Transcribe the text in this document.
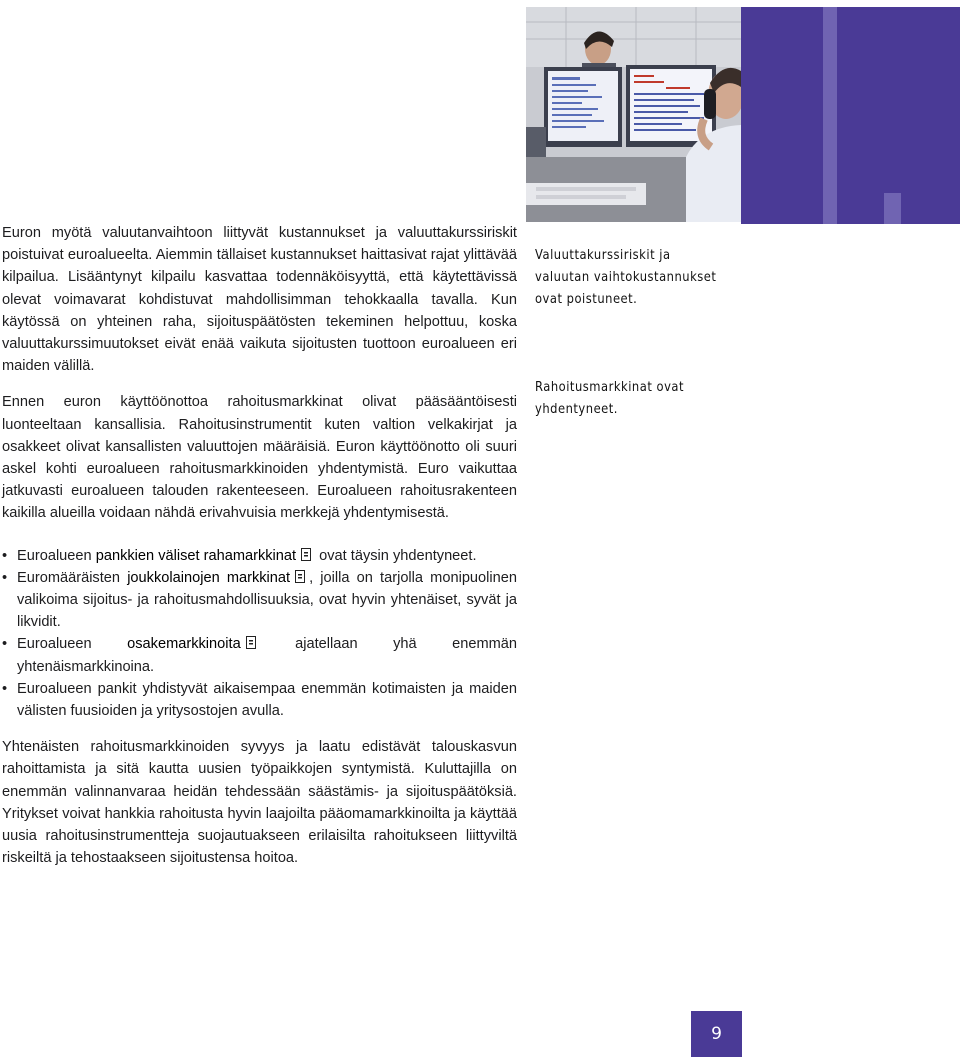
Euron myötä valuutanvaihtoon liittyvät kustannukset ja valuuttakurssiriskit poistuivat euroalueelta. Aiemmin tällaiset kustannukset haittasivat rajat ylittävää kilpailua. Lisääntynyt kilpailu kasvattaa todennäköisyyttä, että käytettävissä olevat voimavarat kohdistuvat mahdollisimman tehokkaalla tavalla. Kun käytössä on yhteinen raha, sijoituspäätösten tekeminen helpottuu, koska valuuttakurssimuutokset eivät enää vaikuta sijoitusten tuottoon euroalueen eri maiden välillä.

Ennen euron käyttöönottoa rahoitusmarkkinat olivat pääsääntöisesti luonteeltaan kansallisia. Rahoitusinstrumentit kuten valtion velkakirjat ja osakkeet olivat kansallisten valuuttojen määräisiä. Euron käyttöönotto oli suuri askel kohti euroalueen rahoitusmarkkinoiden yhdentymistä. Euro vaikuttaa jatkuvasti euroalueen talouden rakenteeseen. Euroalueen rahoitusrakenteen kaikilla alueilla voidaan nähdä erivahvuisia merkkejä yhdentymisestä.

• Euroalueen pankkien väliset rahamarkkinat ovat täysin yhdentyneet.
• Euromääräisten joukkolainojen markkinat , joilla on tarjolla monipuolinen valikoima sijoitus- ja rahoitusmahdollisuuksia, ovat hyvin yhtenäiset, syvät ja likvidit.
• Euroalueen osakemarkkinoita ajatellaan yhä enemmän yhtenäismarkkinoina.
• Euroalueen pankit yhdistyvät aikaisempaa enemmän kotimaisten ja maiden välisten fuusioiden ja yritysostojen avulla.

Yhtenäisten rahoitusmarkkinoiden syvyys ja laatu edistävät talouskasvun rahoittamista ja sitä kautta uusien työpaikkojen syntymistä. Kuluttajilla on enemmän valinnanvaraa heidän tehdessään säästämis- ja sijoituspäätöksiä. Yritykset voivat hankkia rahoitusta hyvin laajoilta pääomamarkkinoilta ja käyttää uusia rahoitusinstrumentteja suojautuakseen erilaisilta rahoitukseen liittyviltä riskeiltä ja tehostaakseen sijoitustensa hoitoa.

Valuuttakurssiriskit ja valuutan vaihtokustannukset ovat poistuneet.
Rahoitusmarkkinat ovat yhdentyneet.
9
